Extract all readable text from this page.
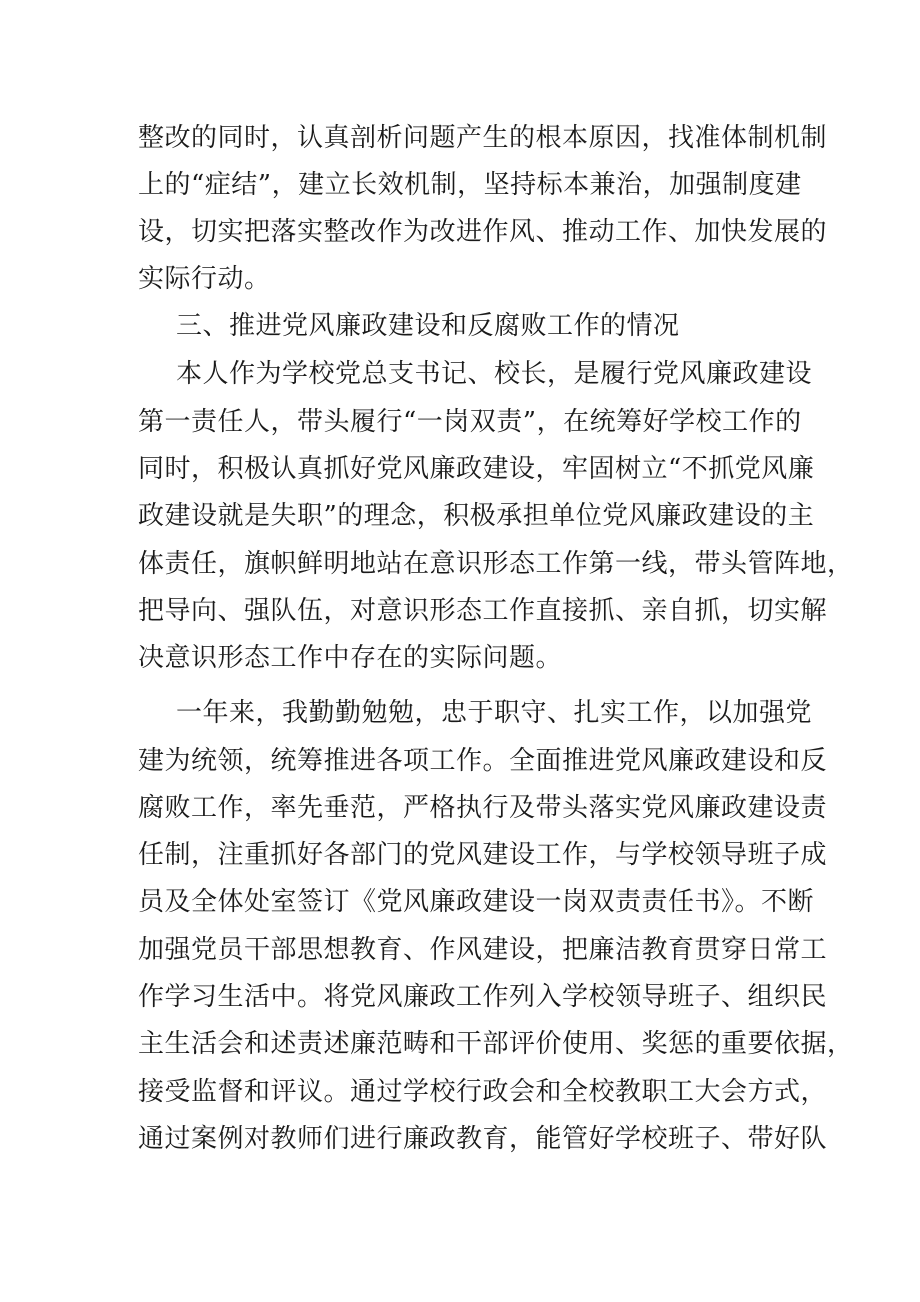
整改的同时，认真剖析问题产生的根本原因，找准体制机制
上的“症结”，建立长效机制，坚持标本兼治，加强制度建
设，切实把落实整改作为改进作风、推动工作、加快发展的
实际行动。
三、推进党风廉政建设和反腐败工作的情况
本人作为学校党总支书记、校长，是履行党风廉政建设
第一责任人，带头履行“一岗双责”，在统筹好学校工作的
同时，积极认真抓好党风廉政建设，牢固树立“不抓党风廉
政建设就是失职”的理念，积极承担单位党风廉政建设的主
体责任，旗帜鲜明地站在意识形态工作第一线，带头管阵地，
把导向、强队伍，对意识形态工作直接抓、亲自抓，切实解
决意识形态工作中存在的实际问题。
一年来，我勤勤勉勉，忠于职守、扎实工作，以加强党
建为统领，统筹推进各项工作。全面推进党风廉政建设和反
腐败工作，率先垂范，严格执行及带头落实党风廉政建设责
任制，注重抓好各部门的党风建设工作，与学校领导班子成
员及全体处室签订《党风廉政建设一岗双责责任书》。不断
加强党员干部思想教育、作风建设，把廉洁教育贯穿日常工
作学习生活中。将党风廉政工作列入学校领导班子、组织民
主生活会和述责述廉范畴和干部评价使用、奖惩的重要依据，
接受监督和评议。通过学校行政会和全校教职工大会方式，
通过案例对教师们进行廉政教育，能管好学校班子、带好队
